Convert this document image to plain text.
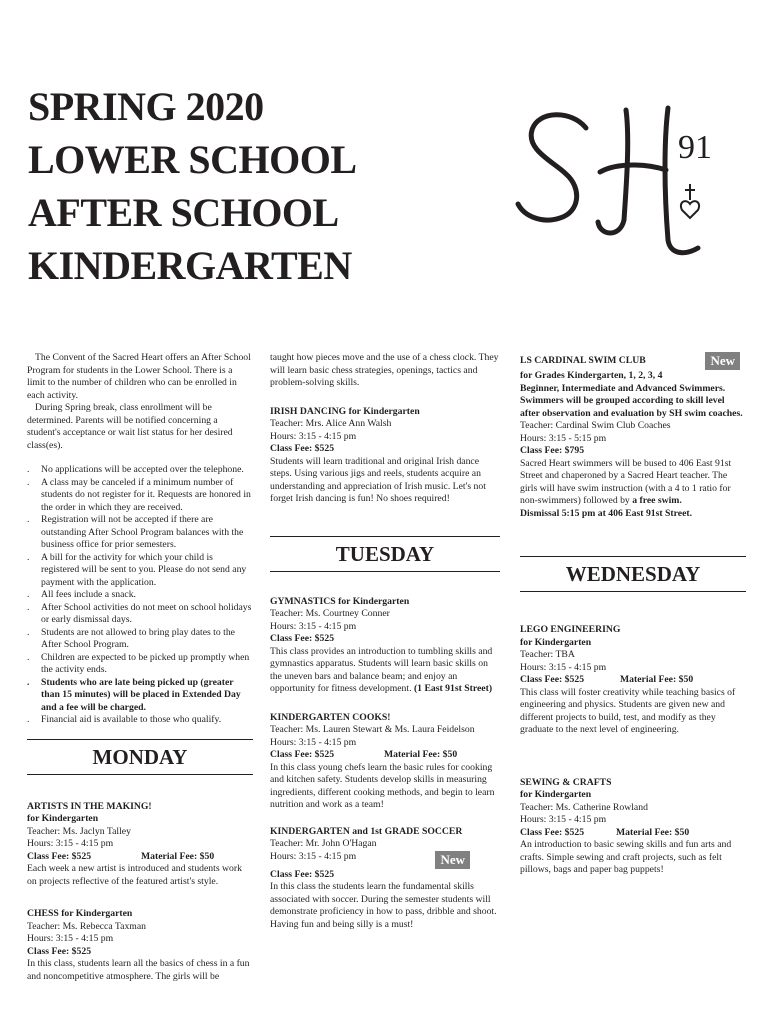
SPRING 2020
LOWER SCHOOL
AFTER SCHOOL
KINDERGARTEN
91

The Convent of the Sacred Heart offers an After School Program for students in the Lower School. There is a limit to the number of children who can be enrolled in each activity.

During Spring break, class enrollment will be determined. Parents will be notified concerning a student's acceptance or wait list status for her desired class(es).

.	No applications will be accepted over the telephone.
.	A class may be canceled if a minimum number of students do not register for it. Requests are honored in the order in which they are received.
.	Registration will not be accepted if there are outstanding After School Program balances with the business office for prior semesters.
.	A bill for the activity for which your child is registered will be sent to you. Please do not send any payment with the application.
.	All fees include a snack.
.	After School activities do not meet on school holidays or early dismissal days.
.	Students are not allowed to bring play dates to the After School Program.
.	Children are expected to be picked up promptly when the activity ends.
.	Students who are late being picked up (greater than 15 minutes) will be placed in Extended Day and a fee will be charged.
.	Financial aid is available to those who qualify.
MONDAY

ARTISTS IN THE MAKING!

for Kindergarten

Teacher: Ms. Jaclyn Talley

Hours: 3:15 - 4:15 pm

Class Fee: $525	Material Fee: $50

Each week a new artist is introduced and students work on projects reflective of the featured artist's style.

CHESS for Kindergarten

Teacher: Ms. Rebecca Taxman

Hours: 3:15 - 4:15 pm

Class Fee: $525

In this class, students learn all the basics of chess in a fun and noncompetitive atmosphere. The girls will be

taught how pieces move and the use of a chess clock. They will learn basic chess strategies, openings, tactics and problem-solving skills.

IRISH DANCING for Kindergarten

Teacher: Mrs. Alice Ann Walsh

Hours: 3:15 - 4:15 pm

Class Fee: $525

Students will learn traditional and original Irish dance steps. Using various jigs and reels, students acquire an understanding and appreciation of Irish music. Let's not forget Irish dancing is fun! No shoes required!

TUESDAY

GYMNASTICS for Kindergarten

Teacher: Ms. Courtney Conner

Hours: 3:15 - 4:15 pm

Class Fee: $525

This class provides an introduction to tumbling skills and gymnastics apparatus. Students will learn basic skills on the uneven bars and balance beam; and enjoy an opportunity for fitness development. (1 East 91st Street)

KINDERGARTEN COOKS!

Teacher: Ms. Lauren Stewart & Ms. Laura Feidelson

Hours: 3:15 - 4:15 pm

Class Fee: $525	Material Fee: $50

In this class young chefs learn the basic rules for cooking and kitchen safety. Students develop skills in measuring ingredients, different cooking methods, and begin to learn nutrition and work as a team!

KINDERGARTEN and 1st GRADE SOCCER

Teacher: Mr. John O'Hagan

Hours: 3:15 - 4:15 pm	New

Class Fee: $525

In this class the students learn the fundamental skills associated with soccer. During the semester students will demonstrate proficiency in how to pass, dribble and shoot. Having fun and being silly is a must!

LS CARDINAL SWIM CLUB	New

for Grades Kindergarten, 1, 2, 3, 4

Beginner, Intermediate and Advanced Swimmers. Swimmers will be grouped according to skill level after observation and evaluation by SH swim coaches.

Teacher: Cardinal Swim Club Coaches

Hours: 3:15 - 5:15 pm

Class Fee: $795

Sacred Heart swimmers will be bused to 406 East 91st Street and chaperoned by a Sacred Heart teacher. The girls will have swim instruction (with a 4 to 1 ratio for non-swimmers) followed by a free swim.

Dismissal 5:15 pm at 406 East 91st Street.

WEDNESDAY

LEGO ENGINEERING

for Kindergarten

Teacher: TBA

Hours: 3:15 - 4:15 pm

Class Fee: $525	Material Fee: $50

This class will foster creativity while teaching basics of engineering and physics. Students are given new and different projects to build, test, and modify as they graduate to the next level of engineering.

SEWING & CRAFTS

for Kindergarten

Teacher: Ms. Catherine Rowland

Hours: 3:15 - 4:15 pm

Class Fee: $525	Material Fee: $50

An introduction to basic sewing skills and fun arts and crafts. Simple sewing and craft projects, such as felt pillows, bags and paper bag puppets!
